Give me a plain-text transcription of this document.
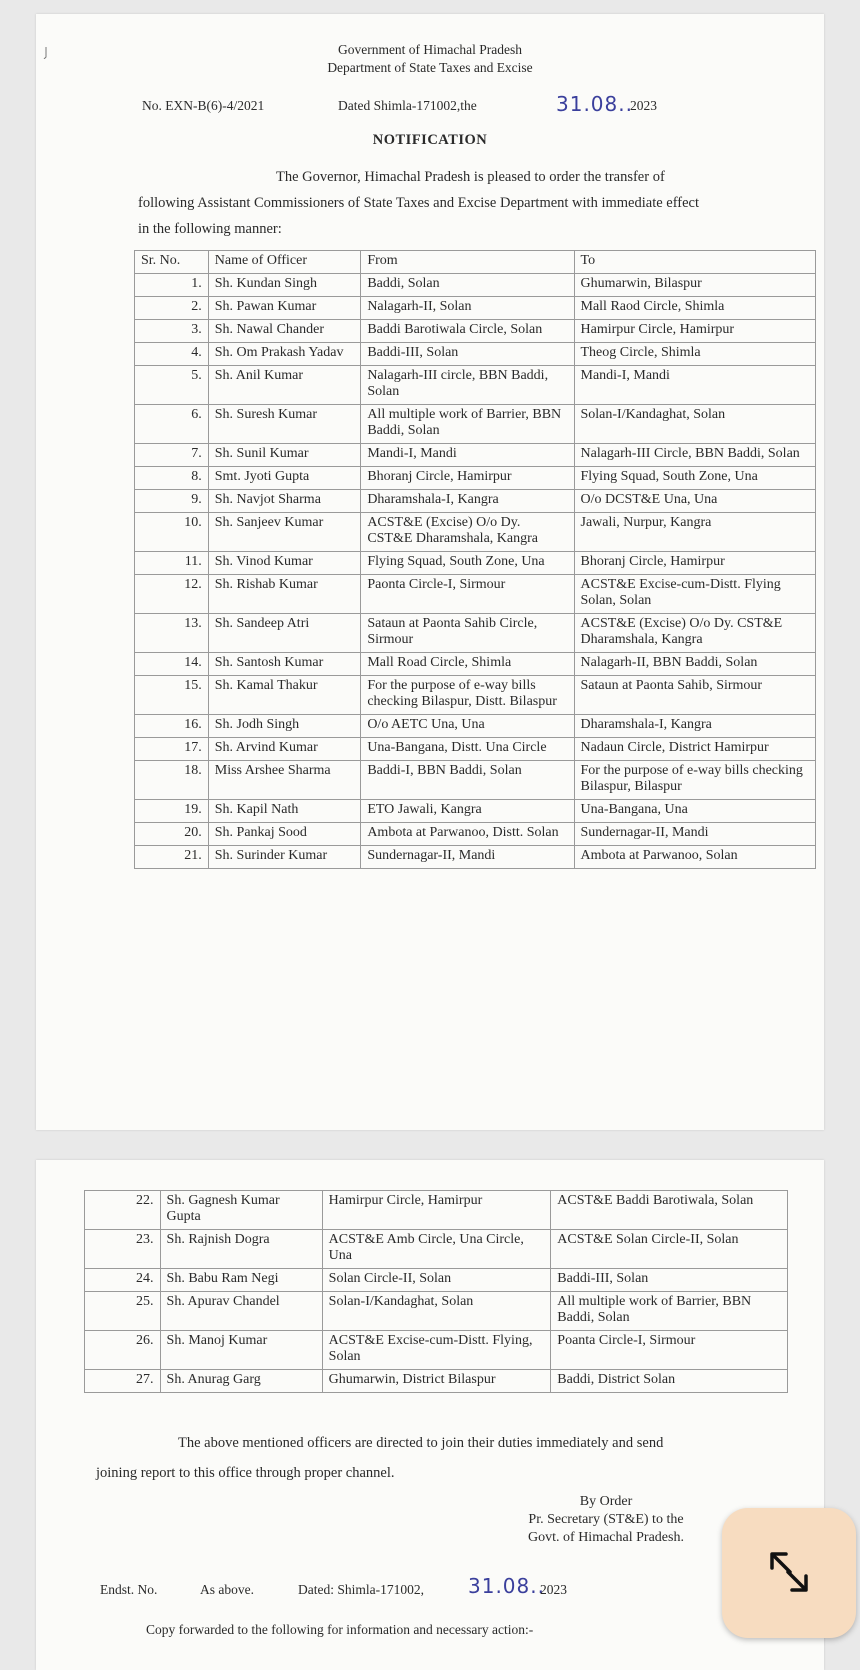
Government of Himachal Pradesh
Department of State Taxes and Excise
No. EXN-B(6)-4/2021	Dated Shimla-171002,the	31.08..
2023
NOTIFICATION
The Governor, Himachal Pradesh is pleased to order the transfer of
following Assistant Commissioners of State Taxes and Excise Department with immediate effect
in the following manner:
Sr. No.	Name of Officer	From	To
1.	Sh. Kundan Singh	Baddi, Solan	Ghumarwin, Bilaspur
2.	Sh. Pawan Kumar	Nalagarh-II, Solan	Mall Raod Circle, Shimla
3.	Sh. Nawal Chander	Baddi Barotiwala Circle, Solan	Hamirpur Circle, Hamirpur
4.	Sh. Om Prakash Yadav	Baddi-III, Solan	Theog Circle, Shimla
5.	Sh. Anil Kumar	Nalagarh-III circle, BBN Baddi, Solan	Mandi-I, Mandi
6.	Sh. Suresh Kumar	All multiple work of Barrier, BBN Baddi, Solan	Solan-I/Kandaghat, Solan
7.	Sh. Sunil Kumar	Mandi-I, Mandi	Nalagarh-III Circle, BBN Baddi, Solan
8.	Smt. Jyoti Gupta	Bhoranj Circle, Hamirpur	Flying Squad, South Zone, Una
9.	Sh. Navjot Sharma	Dharamshala-I, Kangra	O/o DCST&E Una, Una
10.	Sh. Sanjeev Kumar	ACST&E (Excise) O/o Dy. CST&E Dharamshala, Kangra	Jawali, Nurpur, Kangra
11.	Sh. Vinod Kumar	Flying Squad, South Zone, Una	Bhoranj Circle, Hamirpur
12.	Sh. Rishab Kumar	Paonta Circle-I, Sirmour	ACST&E Excise-cum-Distt. Flying Solan, Solan
13.	Sh. Sandeep Atri	Sataun at Paonta Sahib Circle, Sirmour	ACST&E (Excise) O/o Dy. CST&E Dharamshala, Kangra
14.	Sh. Santosh Kumar	Mall Road Circle, Shimla	Nalagarh-II, BBN Baddi, Solan
15.	Sh. Kamal Thakur	For the purpose of e-way bills checking Bilaspur, Distt. Bilaspur	Sataun at Paonta Sahib, Sirmour
16.	Sh. Jodh Singh	O/o AETC Una, Una	Dharamshala-I, Kangra
17.	Sh. Arvind Kumar	Una-Bangana, Distt. Una Circle	Nadaun Circle, District Hamirpur
18.	Miss Arshee Sharma	Baddi-I, BBN Baddi, Solan	For the purpose of e-way bills checking Bilaspur, Bilaspur
19.	Sh. Kapil Nath	ETO Jawali, Kangra	Una-Bangana, Una
20.	Sh. Pankaj Sood	Ambota at Parwanoo, Distt. Solan	Sundernagar-II, Mandi
21.	Sh. Surinder Kumar	Sundernagar-II, Mandi	Ambota at Parwanoo, Solan
22.	Sh. Gagnesh Kumar Gupta	Hamirpur Circle, Hamirpur	ACST&E Baddi Barotiwala, Solan
23.	Sh. Rajnish Dogra	ACST&E Amb Circle, Una Circle, Una	ACST&E Solan Circle-II, Solan
24.	Sh. Babu Ram Negi	Solan Circle-II, Solan	Baddi-III, Solan
25.	Sh. Apurav Chandel	Solan-I/Kandaghat, Solan	All multiple work of Barrier, BBN Baddi, Solan
26.	Sh. Manoj Kumar	ACST&E Excise-cum-Distt. Flying, Solan	Poanta Circle-I, Sirmour
27.	Sh. Anurag Garg	Ghumarwin, District Bilaspur	Baddi, District Solan
The above mentioned officers are directed to join their duties immediately and send
joining report to this office through proper channel.
By Order
Pr. Secretary (ST&E) to the
Govt. of Himachal Pradesh.
Endst. No.	As above.	Dated: Shimla-171002, 31.08..
2023
Copy forwarded to the following for information and necessary action:-
